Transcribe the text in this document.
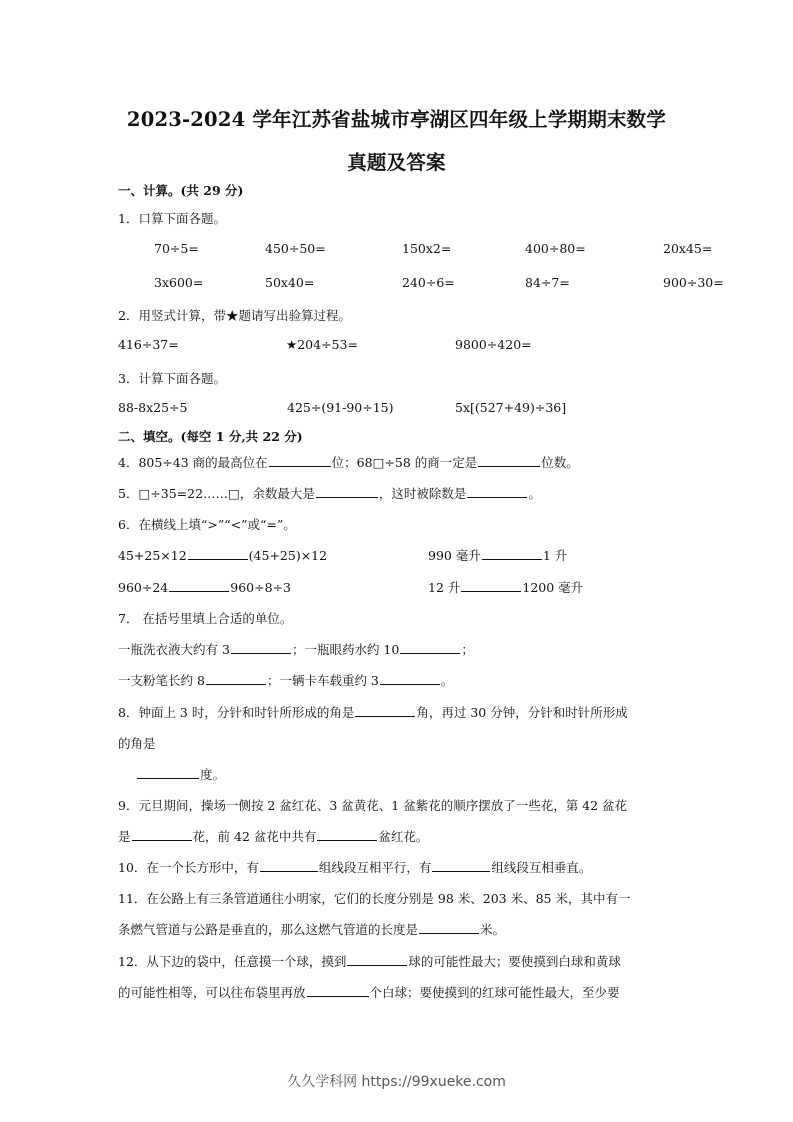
2023-2024 学年江苏省盐城市亭湖区四年级上学期期末数学
真题及答案
一、计算。(共 29 分)
1．口算下面各题。
70÷5=	450÷50=	150x2=	400÷80=	20x45=
3x600=	50x40=	240÷6=	84÷7=	900÷30=
2．用竖式计算，带★题请写出验算过程。
416÷37=	★204÷53=	9800÷420=
3．计算下面各题。
88-8x25÷5	425÷(91-90÷15)	5x[(527+49)÷36]
二、填空。(每空 1 分,共 22 分)
4．805÷43 商的最高位在	位；68□÷58 的商一定是	位数。
5．□÷35=22……□，余数最大是	，这时被除数是	。
6．在横线上填“>”“<”或“=”。
45+25×12	(45+25)×12	990 毫升	1 升
960÷24	960÷8÷3	12 升	1200 毫升
7． 在括号里填上合适的单位。
一瓶洗衣液大约有 3	；一瓶眼药水约 10	；
一支粉笔长约 8	；一辆卡车载重约 3	。
8．钟面上 3 时，分针和时针所形成的角是	角，再过 30 分钟，分针和时针所形成
的角是
度。
9．元旦期间，操场一侧按 2 盆红花、3 盆黄花、1 盆紫花的顺序摆放了一些花，第 42 盆花
是	花，前 42 盆花中共有	盆红花。
10．在一个长方形中，有	组线段互相平行，有	组线段互相垂直。
11．在公路上有三条管道通往小明家，它们的长度分别是 98 米、203 米、85 米，其中有一
条燃气管道与公路是垂直的，那么这燃气管道的长度是	米。
12．从下边的袋中，任意摸一个球，摸到	球的可能性最大；要使摸到白球和黄球
的可能性相等，可以往布袋里再放	个白球；要使摸到的红球可能性最大，至少要
久久学科网 https://99xueke.com
